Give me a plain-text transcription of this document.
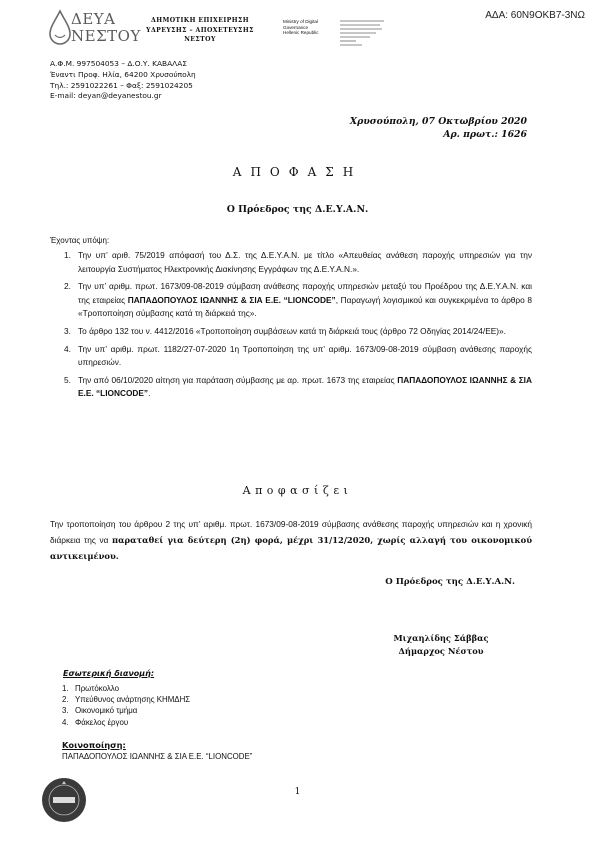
ΑΔΑ: 60Ν9ΟΚΒ7-3ΝΩ
ΔΕΥΑ
ΝΕΣΤΟΥ
ΔΗΜΟΤΙΚΗ ΕΠΙΧΕΙΡΗΣΗ
ΥΔΡΕΥΣΗΣ – ΑΠΟΧΕΤΕΥΣΗΣ
ΝΕΣΤΟΥ
Ministry of Digital
Governance
Hellenic Republic
Α.Φ.Μ. 997504053 – Δ.Ο.Υ. ΚΑΒΑΛΑΣ
Έναντι Προφ. Ηλία, 64200 Χρυσούπολη
Τηλ.: 2591022261 – Φαξ: 2591024205
E-mail: deyan@deyanestou.gr
Χρυσούπολη, 07 Οκτωβρίου 2020
Αρ. πρωτ.: 1626
ΑΠΟΦΑΣΗ
Ο Πρόεδρος της Δ.Ε.Υ.Α.Ν.
Έχοντας υπόψη:
1. Την υπ’ αριθ. 75/2019 απόφασή του Δ.Σ. της Δ.Ε.Υ.Α.Ν. με τίτλο «Απευθείας ανάθεση παροχής υπηρεσιών για την λειτουργία Συστήματος Ηλεκτρονικής Διακίνησης Εγγράφων της Δ.Ε.Υ.Α.Ν.».
2. Την υπ’ αριθμ. πρωτ. 1673/09-08-2019 σύμβαση ανάθεσης παροχής υπηρεσιών μεταξύ του Προέδρου της Δ.Ε.Υ.Α.Ν. και της εταιρείας ΠΑΠΑΔΟΠΟΥΛΟΣ ΙΩΑΝΝΗΣ & ΣΙΑ Ε.Ε. “LIONCODE”, Παραγωγή λογισμικού και συγκεκριμένα το άρθρο 8 «Τροποποίηση σύμβασης κατά τη διάρκειά της».
3. Το άρθρο 132 του ν. 4412/2016 «Τροποποίηση συμβάσεων κατά τη διάρκειά τους (άρθρο 72 Οδηγίας 2014/24/ΕΕ)».
4. Την υπ’ αριθμ. πρωτ. 1182/27-07-2020 1η Τροποποίηση της υπ’ αριθμ. 1673/09-08-2019 σύμβαση ανάθεσης παροχής υπηρεσιών.
5. Την από 06/10/2020 αίτηση για παράταση σύμβασης με αρ. πρωτ. 1673 της εταιρείας ΠΑΠΑΔΟΠΟΥΛΟΣ ΙΩΑΝΝΗΣ & ΣΙΑ Ε.Ε. “LIONCODE”.
Αποφασίζει
Την τροποποίηση του άρθρου 2 της υπ’ αριθμ. πρωτ. 1673/09-08-2019 σύμβασης ανάθεσης παροχής υπηρεσιών και η χρονική διάρκεια της να παραταθεί για δεύτερη (2η) φορά, μέχρι 31/12/2020, χωρίς αλλαγή του οικονομικού αντικειμένου.
Ο Πρόεδρος της Δ.Ε.Υ.Α.Ν.
Μιχαηλίδης Σάββας
Δήμαρχος Νέστου
Εσωτερική διανομή:
1. Πρωτόκολλο
2. Υπεύθυνος ανάρτησης ΚΗΜΔΗΣ
3. Οικονομικό τμήμα
4. Φάκελος έργου
Κοινοποίηση:
ΠΑΠΑΔΟΠΟΥΛΟΣ ΙΩΑΝΝΗΣ & ΣΙΑ Ε.Ε. “LIONCODE”
1
